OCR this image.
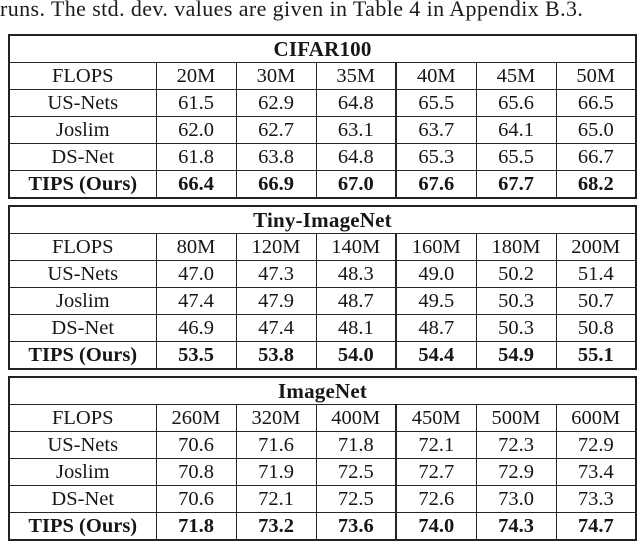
runs. The std. dev. values are given in Table 4 in Appendix B.3.
CIFAR100						
FLOPS	20M	30M	35M	40M	45M	50M
US-Nets	61.5	62.9	64.8	65.5	65.6	66.5
Joslim	62.0	62.7	63.1	63.7	64.1	65.0
DS-Net	61.8	63.8	64.8	65.3	65.5	66.7
TIPS (Ours)	66.4	66.9	67.0	67.6	67.7	68.2
Tiny-ImageNet						
FLOPS	80M	120M	140M	160M	180M	200M
US-Nets	47.0	47.3	48.3	49.0	50.2	51.4
Joslim	47.4	47.9	48.7	49.5	50.3	50.7
DS-Net	46.9	47.4	48.1	48.7	50.3	50.8
TIPS (Ours)	53.5	53.8	54.0	54.4	54.9	55.1
ImageNet						
FLOPS	260M	320M	400M	450M	500M	600M
US-Nets	70.6	71.6	71.8	72.1	72.3	72.9
Joslim	70.8	71.9	72.5	72.7	72.9	73.4
DS-Net	70.6	72.1	72.5	72.6	73.0	73.3
TIPS (Ours)	71.8	73.2	73.6	74.0	74.3	74.7
